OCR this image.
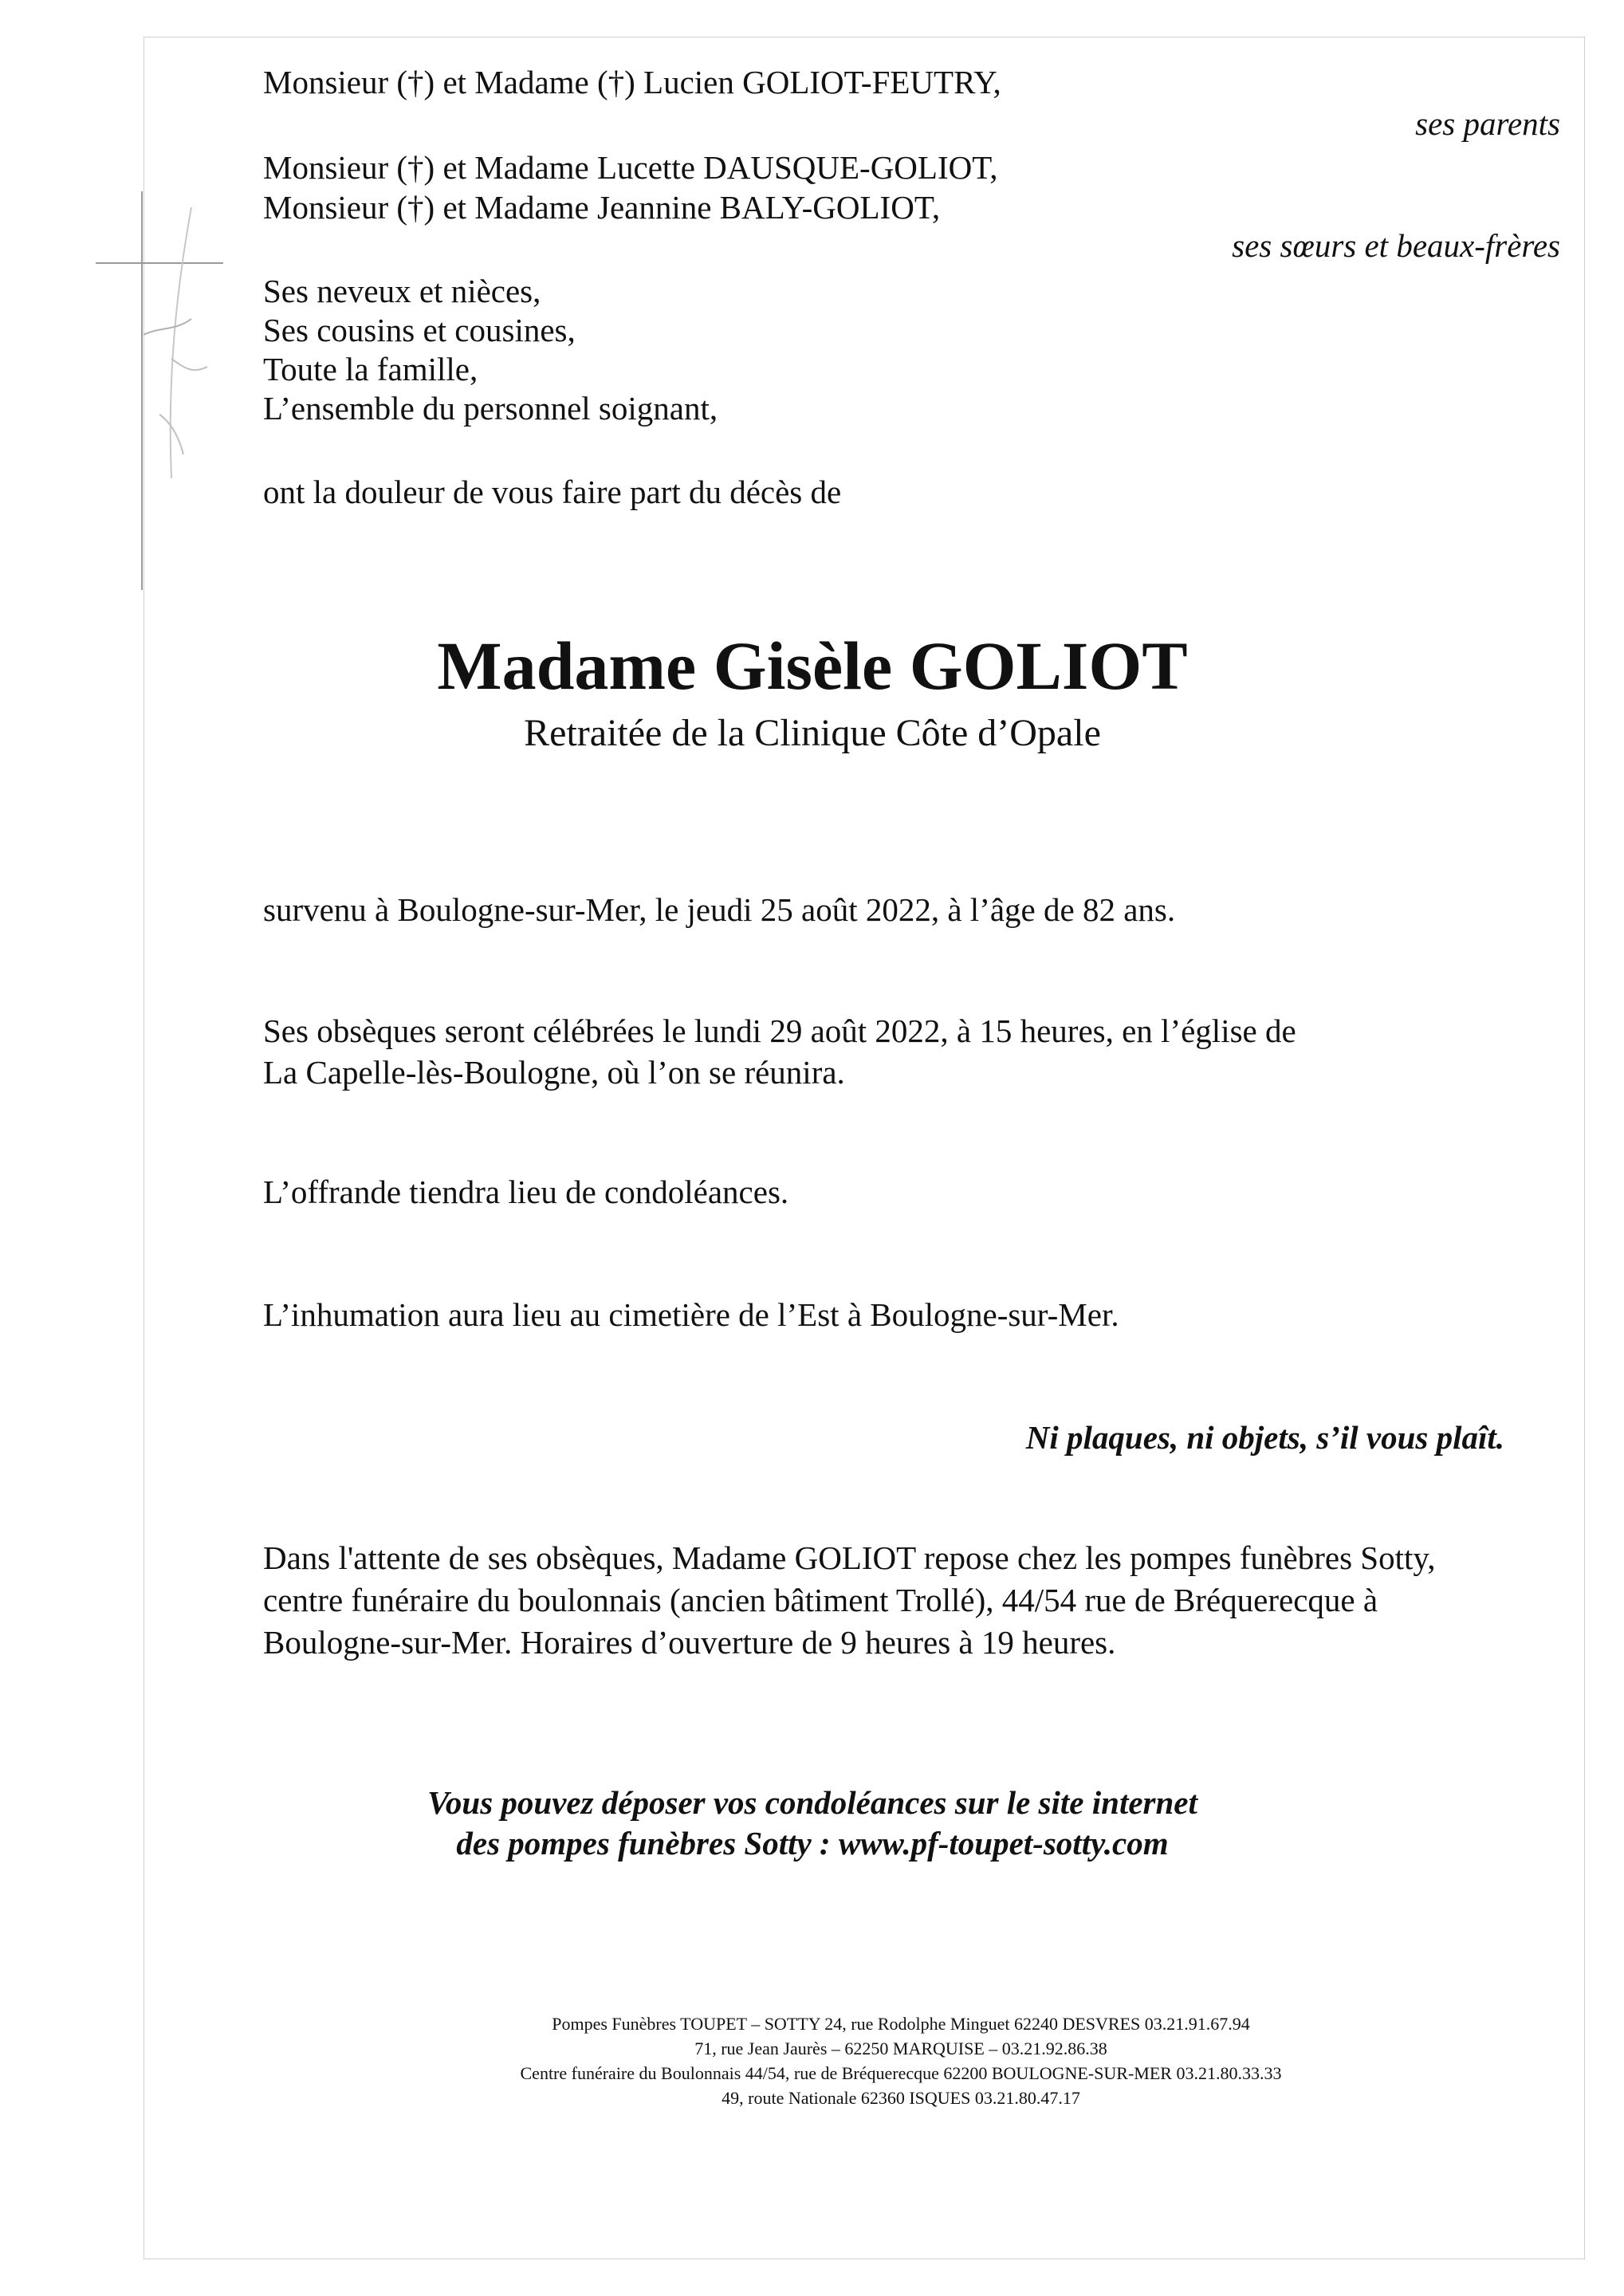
Monsieur (†) et Madame (†) Lucien GOLIOT-FEUTRY,
ses parents
Monsieur (†) et Madame Lucette DAUSQUE-GOLIOT,
Monsieur (†) et Madame Jeannine BALY-GOLIOT,
ses sœurs et beaux-frères
Ses neveux et nièces,
Ses cousins et cousines,
Toute la famille,
L’ensemble du personnel soignant,
ont la douleur de vous faire part du décès de
Madame Gisèle GOLIOT
Retraitée de la Clinique Côte d’Opale
survenu à Boulogne-sur-Mer, le jeudi 25 août 2022, à l’âge de 82 ans.
Ses obsèques seront célébrées le lundi 29 août 2022, à 15 heures, en l’église de
La Capelle-lès-Boulogne, où l’on se réunira.
L’offrande tiendra lieu de condoléances.
L’inhumation aura lieu au cimetière de l’Est à Boulogne-sur-Mer.
Ni plaques, ni objets, s’il vous plaît.
Dans l'attente de ses obsèques, Madame GOLIOT repose chez les pompes funèbres Sotty,
centre funéraire du boulonnais (ancien bâtiment Trollé), 44/54 rue de Bréquerecque à
Boulogne-sur-Mer. Horaires d’ouverture de 9 heures à 19 heures.
Vous pouvez déposer vos condoléances sur le site internet
des pompes funèbres Sotty : www.pf-toupet-sotty.com
Pompes Funèbres TOUPET – SOTTY 24, rue Rodolphe Minguet 62240 DESVRES 03.21.91.67.94
71, rue Jean Jaurès – 62250 MARQUISE – 03.21.92.86.38
Centre funéraire du Boulonnais 44/54, rue de Bréquerecque 62200 BOULOGNE-SUR-MER 03.21.80.33.33
49, route Nationale 62360 ISQUES 03.21.80.47.17
